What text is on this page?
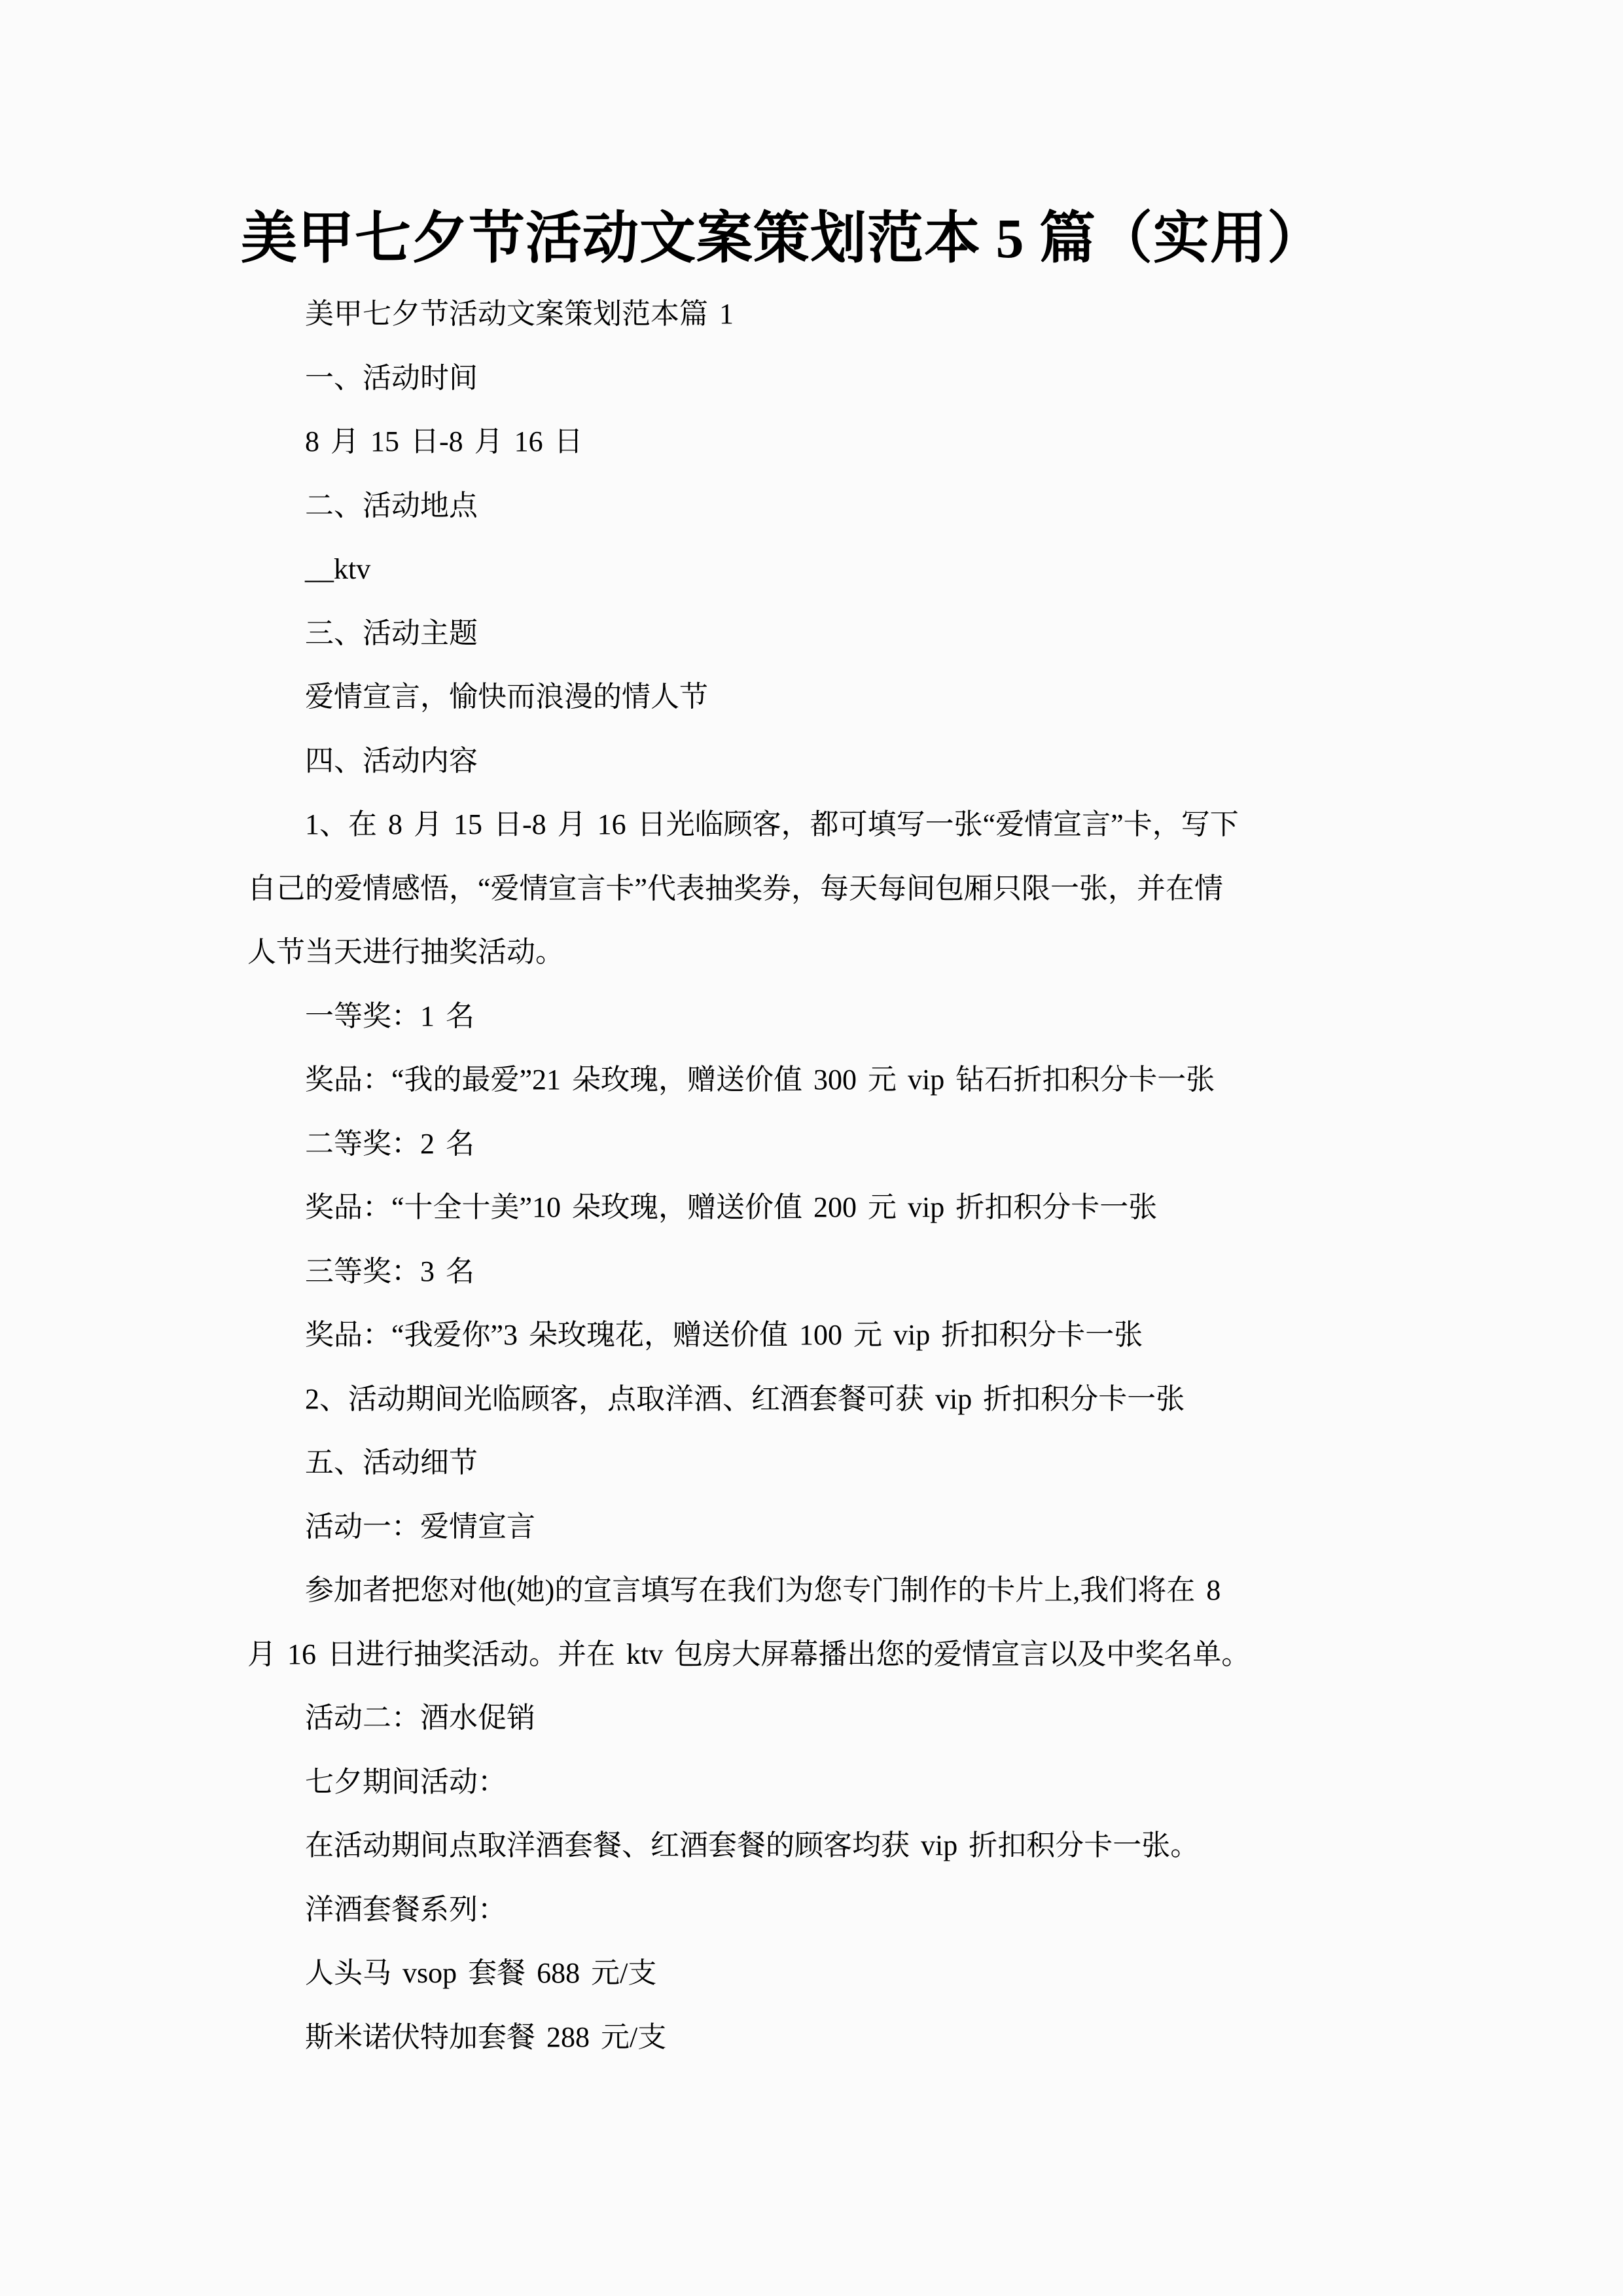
美甲七夕节活动文案策划范本 5 篇（实用）
美甲七夕节活动文案策划范本篇 1
一、活动时间
8 月 15 日-8 月 16 日
二、活动地点
__ktv
三、活动主题
爱情宣言，愉快而浪漫的情人节
四、活动内容
1、在 8 月 15 日-8 月 16 日光临顾客，都可填写一张“爱情宣言”卡，写下
自己的爱情感悟，“爱情宣言卡”代表抽奖券，每天每间包厢只限一张，并在情
人节当天进行抽奖活动。
一等奖：1 名
奖品：“我的最爱”21 朵玫瑰，赠送价值 300 元 vip 钻石折扣积分卡一张
二等奖：2 名
奖品：“十全十美”10 朵玫瑰，赠送价值 200 元 vip 折扣积分卡一张
三等奖：3 名
奖品：“我爱你”3 朵玫瑰花，赠送价值 100 元 vip 折扣积分卡一张
2、活动期间光临顾客，点取洋酒、红酒套餐可获 vip 折扣积分卡一张
五、活动细节
活动一：爱情宣言
参加者把您对他(她)的宣言填写在我们为您专门制作的卡片上,我们将在 8
月 16 日进行抽奖活动。并在 ktv 包房大屏幕播出您的爱情宣言以及中奖名单。
活动二：酒水促销
七夕期间活动：
在活动期间点取洋酒套餐、红酒套餐的顾客均获 vip 折扣积分卡一张。
洋酒套餐系列：
人头马 vsop 套餐 688 元/支
斯米诺伏特加套餐 288 元/支
